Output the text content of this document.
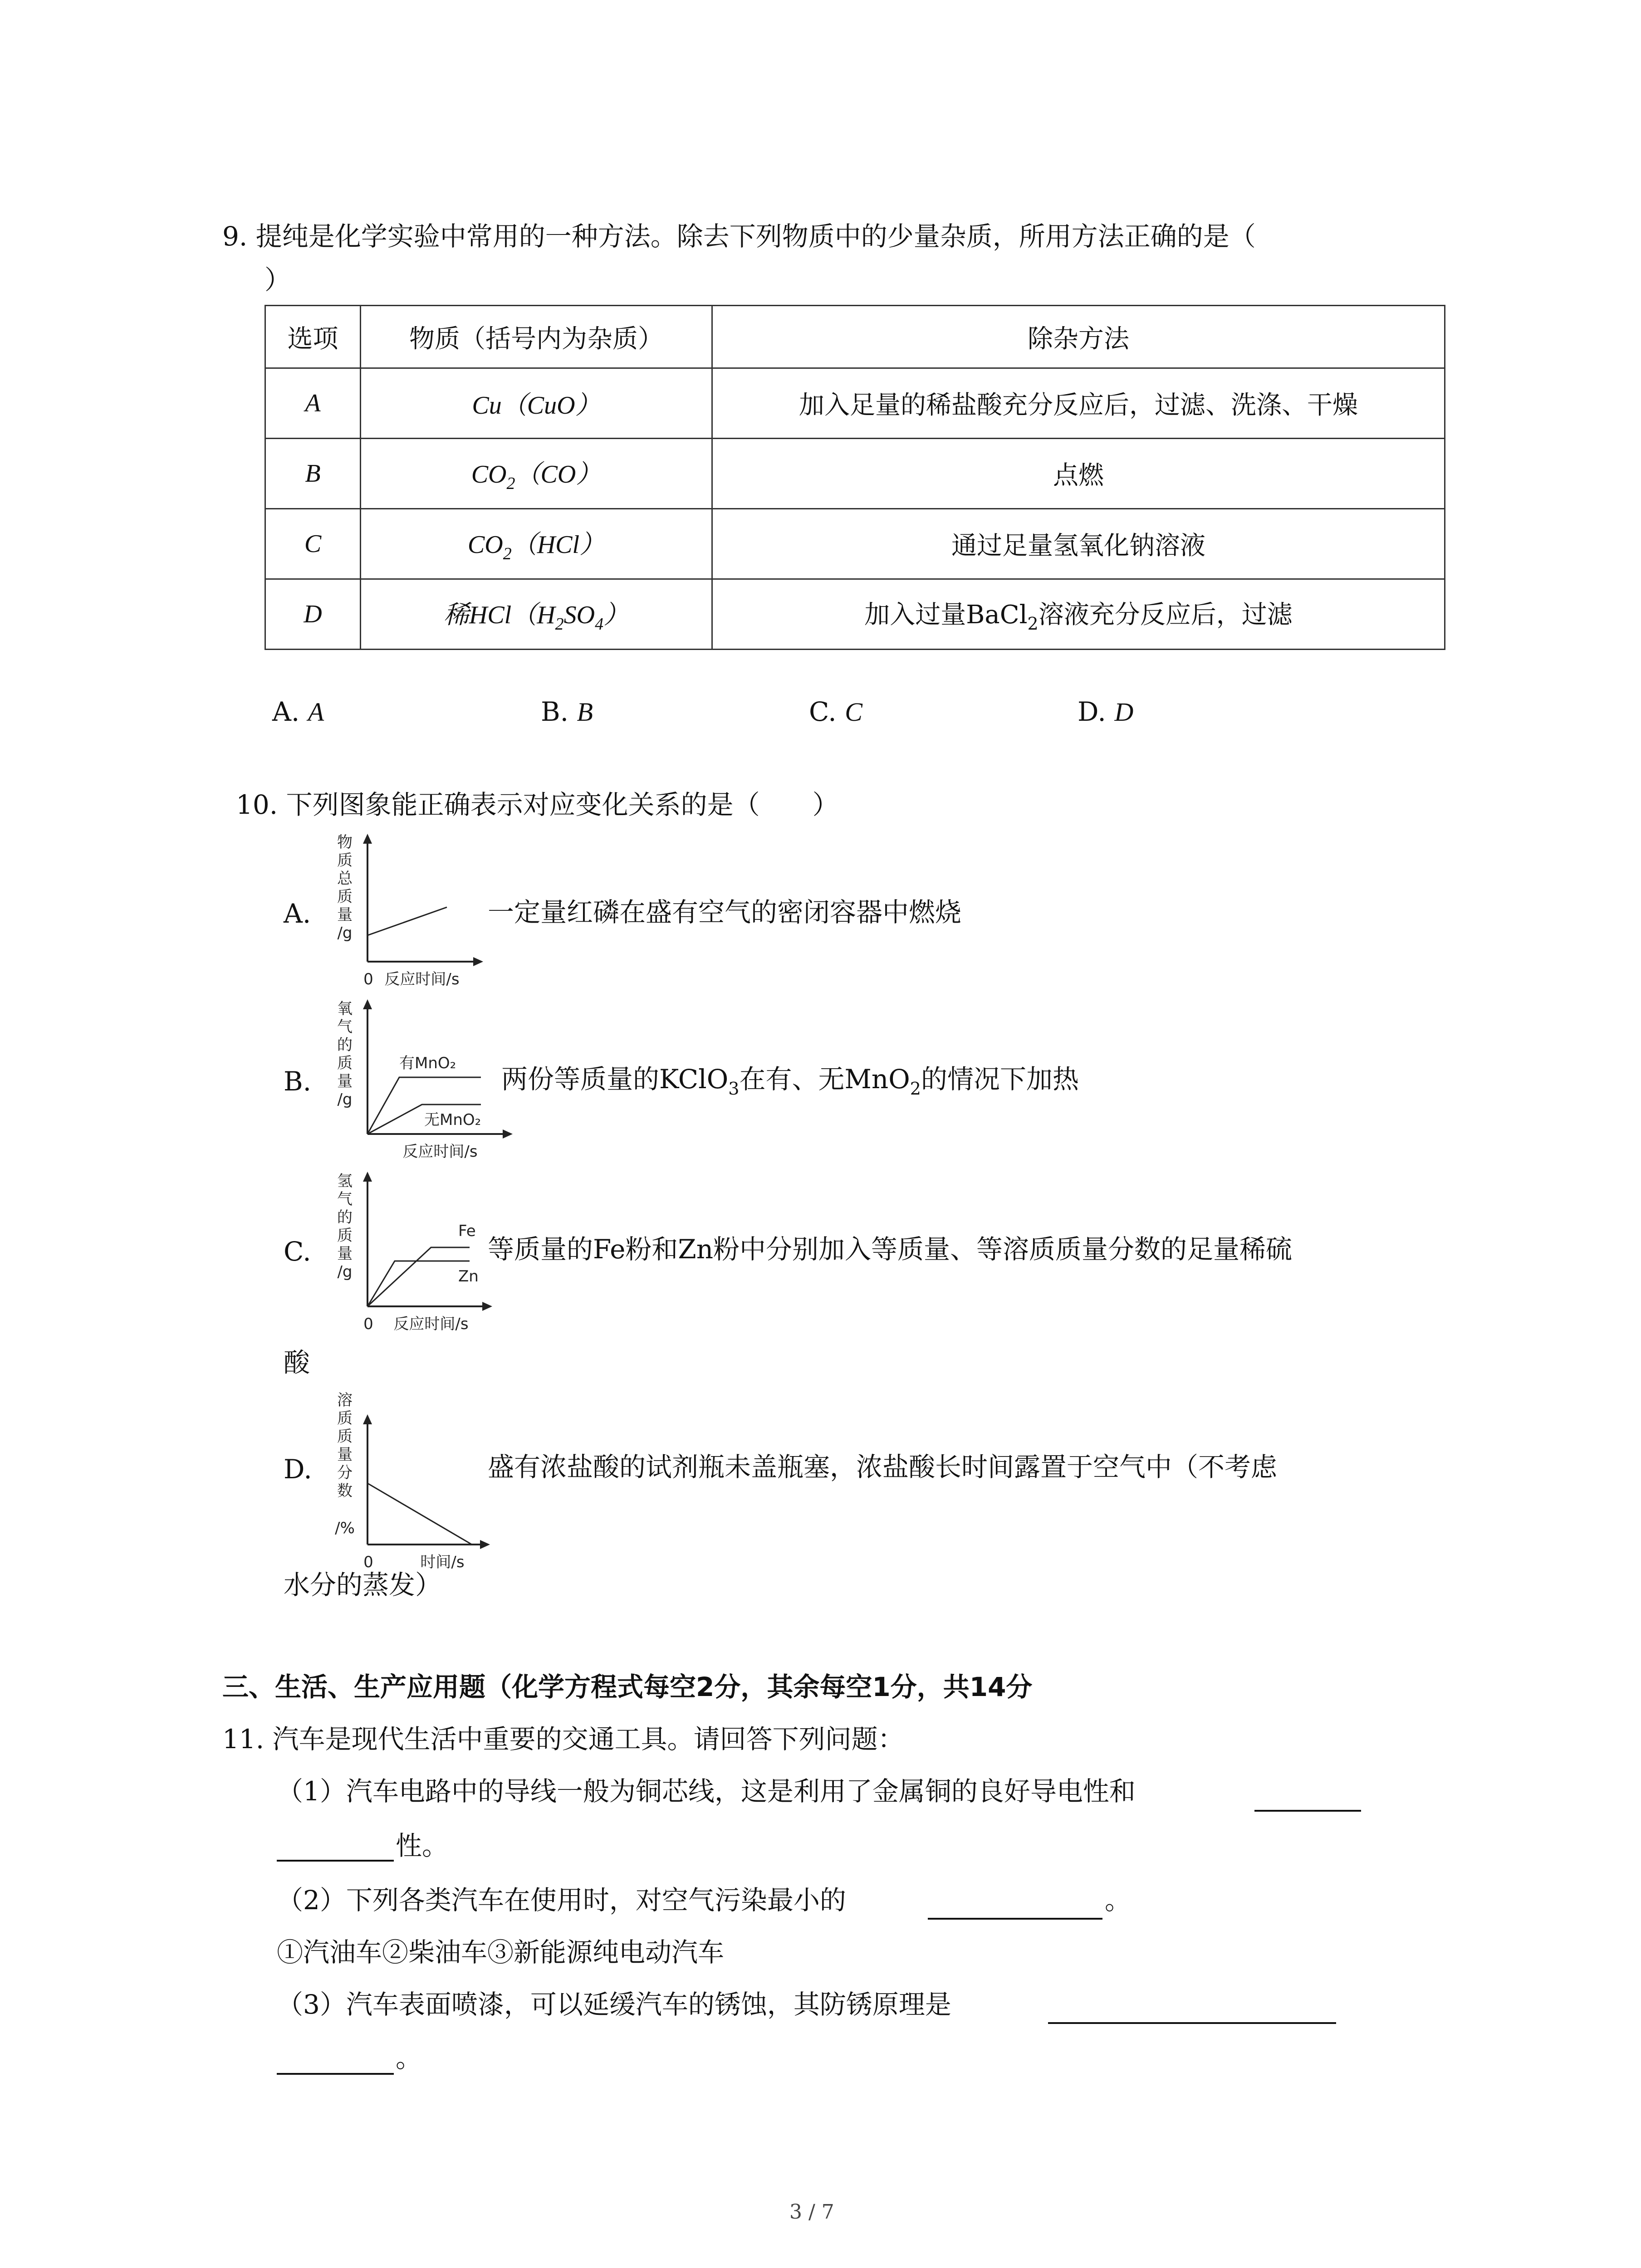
9. 提纯是化学实验中常用的一种方法。除去下列物质中的少量杂质，所用方法正确的是（
）
选项	物质（括号内为杂质）	除杂方法
A	Cu（CuO）	加入足量的稀盐酸充分反应后，过滤、洗涤、干燥
B	$CO_2(CO)$	点燃
C	$CO_2(HCl)$	通过足量氢氧化钠溶液
D	稀$HCl(H_2SO_4)$	加入过量BaCl$_2$溶液充分反应后，过滤
A. A	B. B	C. C	D. D
10. 下列图象能正确表示对应变化关系的是（　　）
A.
物
质
总
质
量
/g
0 反应时间/s
一定量红磷在盛有空气的密闭容器中燃烧
B.
氧
气
的
质
量
/g
有MnO₂
无MnO₂
反应时间/s
两份等质量的KClO$_3$在有、无MnO$_2$的情况下加热
C.
氢
气
的
质
量
/g
Fe
Zn
0 反应时间/s
等质量的Fe粉和Zn粉中分别加入等质量、等溶质质量分数的足量稀硫
酸
D.
溶
质
质
量
分
数
/%
0	时间/s
盛有浓盐酸的试剂瓶未盖瓶塞，浓盐酸长时间露置于空气中（不考虑
水分的蒸发）
三、生活、生产应用题（化学方程式每空2分，其余每空1分，共14分
11. 汽车是现代生活中重要的交通工具。请回答下列问题：
（1）汽车电路中的导线一般为铜芯线，这是利用了金属铜的良好导电性和
性。
（2）下列各类汽车在使用时，对空气污染最小的	。
①汽油车②柴油车③新能源纯电动汽车
（3）汽车表面喷漆，可以延缓汽车的锈蚀，其防锈原理是
。
3 / 7
